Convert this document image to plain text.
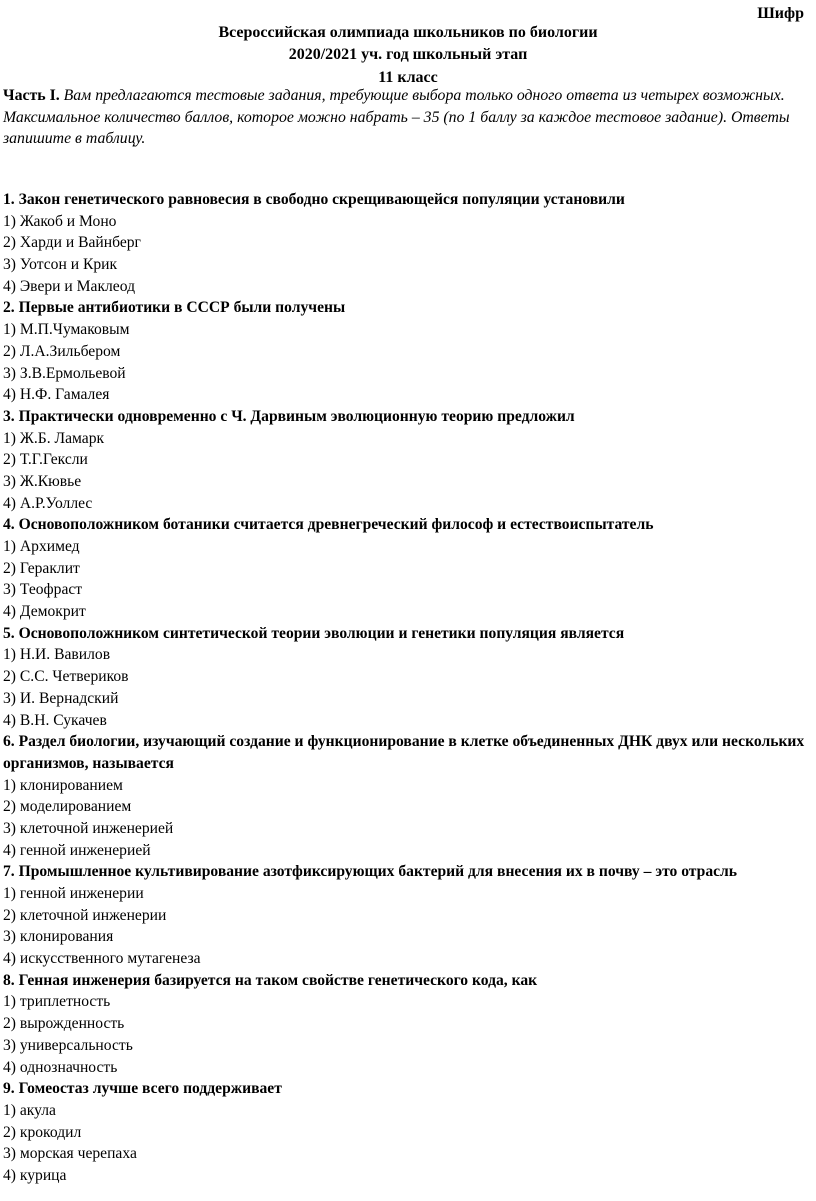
Шифр
Всероссийская олимпиада школьников по биологии
2020/2021 уч. год школьный этап
11 класс
Часть I. Вам предлагаются тестовые задания, требующие выбора только одного ответа из четырех возможных. Максимальное количество баллов, которое можно набрать – 35 (по 1 баллу за каждое тестовое задание). Ответы запишите в таблицу.
1. Закон генетического равновесия в свободно скрещивающейся популяции установили
1) Жакоб и Моно
2) Харди и Вайнберг
3) Уотсон и Крик
4) Эвери и Маклеод
2. Первые антибиотики в СССР были получены
1) М.П.Чумаковым
2) Л.А.Зильбером
3) З.В.Ермольевой
4) Н.Ф. Гамалея
3. Практически одновременно с Ч. Дарвиным эволюционную теорию предложил
1) Ж.Б. Ламарк
2) Т.Г.Гексли
3) Ж.Кювье
4) А.Р.Уоллес
4. Основоположником ботаники считается древнегреческий философ и естествоиспытатель
1) Архимед
2) Гераклит
3) Теофраст
4) Демокрит
5. Основоположником синтетической теории эволюции и генетики популяция является
1) Н.И. Вавилов
2) С.С. Четвериков
3) И. Вернадский
4) В.Н. Сукачев
6. Раздел биологии, изучающий создание и функционирование в клетке объединенных ДНК двух или нескольких организмов, называется
1) клонированием
2) моделированием
3) клеточной инженерией
4) генной инженерией
7. Промышленное культивирование азотфиксирующих бактерий для внесения их в почву – это отрасль
1) генной инженерии
2) клеточной инженерии
3) клонирования
4) искусственного мутагенеза
8. Генная инженерия базируется на таком свойстве генетического кода, как
1) триплетность
2) вырожденность
3) универсальность
4) однозначность
9. Гомеостаз лучше всего поддерживает
1) акула
2) крокодил
3) морская черепаха
4) курица
